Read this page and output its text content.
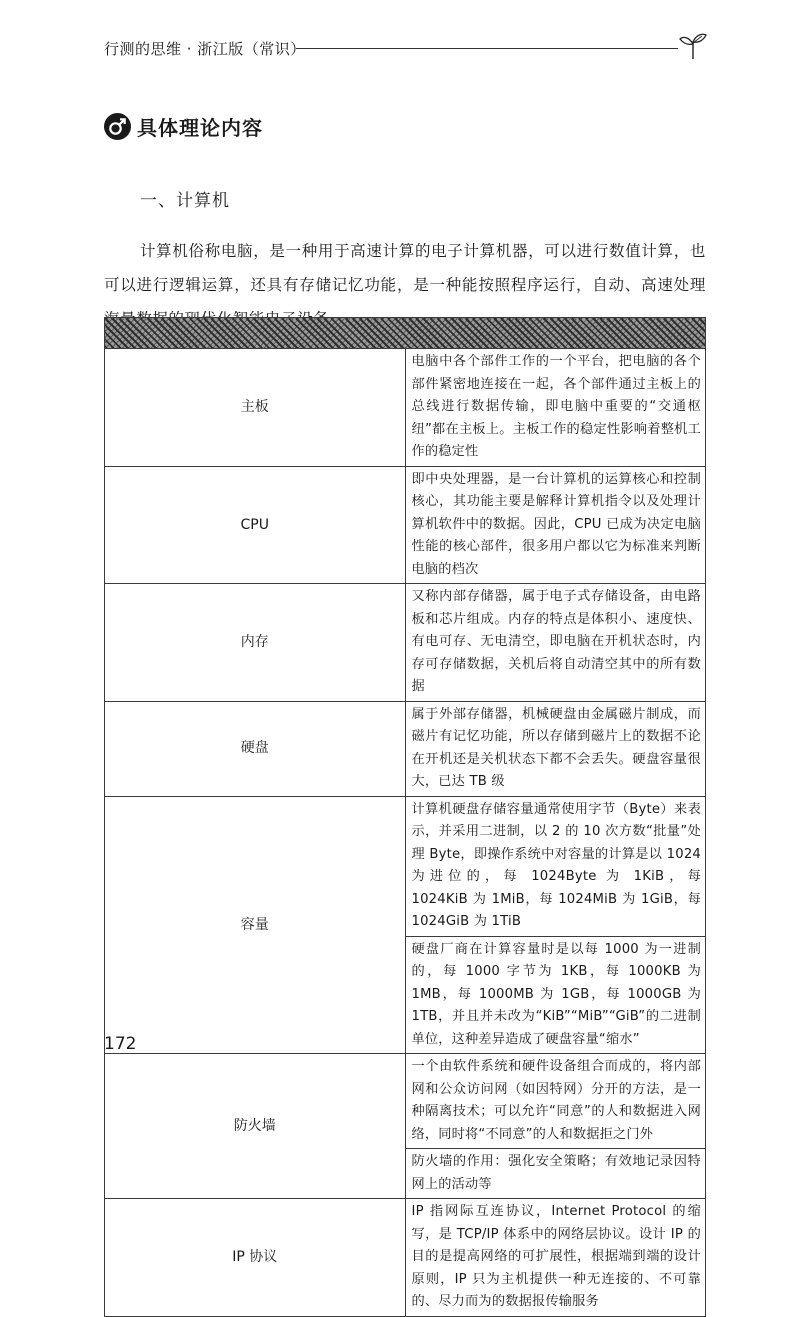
行测的思维 · 浙江版（常识）
具体理论内容
一、计算机

计算机俗称电脑，是一种用于高速计算的电子计算机器，可以进行数值计算，也可以进行逻辑运算，还具有存储记忆功能，是一种能按照程序运行，自动、高速处理

主板	电脑中各个部件工作的一个平台，把电脑的各个部件紧密地连接在一起，各个部件通过主板上的总线进行数据传输，即电脑中重要的“交通枢纽”都在主板上。主板工作的稳定性影响着整机工作的稳定性
CPU	即中央处理器，是一台计算机的运算核心和控制核心，其功能主要是解释计算机指令以及处理计算机软件中的数据。因此，CPU 已成为决定电脑性能的核心部件，很多用户都以它为标准来判断电脑的档次
内存	又称内部存储器，属于电子式存储设备，由电路板和芯片组成。内存的特点是体积小、速度快、有电可存、无电清空，即电脑在开机状态时，内存可存储数据，关机后将自动清空其中的所有数据
硬盘	属于外部存储器，机械硬盘由金属磁片制成，而磁片有记忆功能，所以存储到磁片上的数据不论在开机还是关机状态下都不会丢失。硬盘容量很大，已达 TB 级
容量	计算机硬盘存储容量通常使用字节（Byte）来表示，并采用二进制，以 2 的 10 次方数“批量”处理 Byte，即操作系统中对容量的计算是以 1024 为进位的，每 1024Byte 为 1KiB，每 1024KiB 为 1MiB，每 1024MiB 为 1GiB，每 1024GiB 为 1TiB
	硬盘厂商在计算容量时是以每 1000 为一进制的，每 1000 字节为 1KB，每 1000KB 为 1MB，每 1000MB 为 1GB，每 1000GB 为 1TB，并且并未改为“KiB”“MiB”“GiB”的二进制单位，这种差异造成了硬盘容量“缩水”
防火墙	一个由软件系统和硬件设备组合而成的，将内部网和公众访问网（如因特网）分开的方法，是一种隔离技术；可以允许“同意”的人和数据进入网络，同时将“不同意”的人和数据拒之门外
	防火墙的作用：强化安全策略；有效地记录因特网上的活动等
IP 协议	IP 指网际互连协议，Internet Protocol 的缩写，是 TCP/IP 体系中的网络层协议。设计 IP 的目的是提高网络的可扩展性，根据端到端的设计原则，IP 只为主机提供一种无连接的、不可靠的、尽力而为的数据报传输服务
172
